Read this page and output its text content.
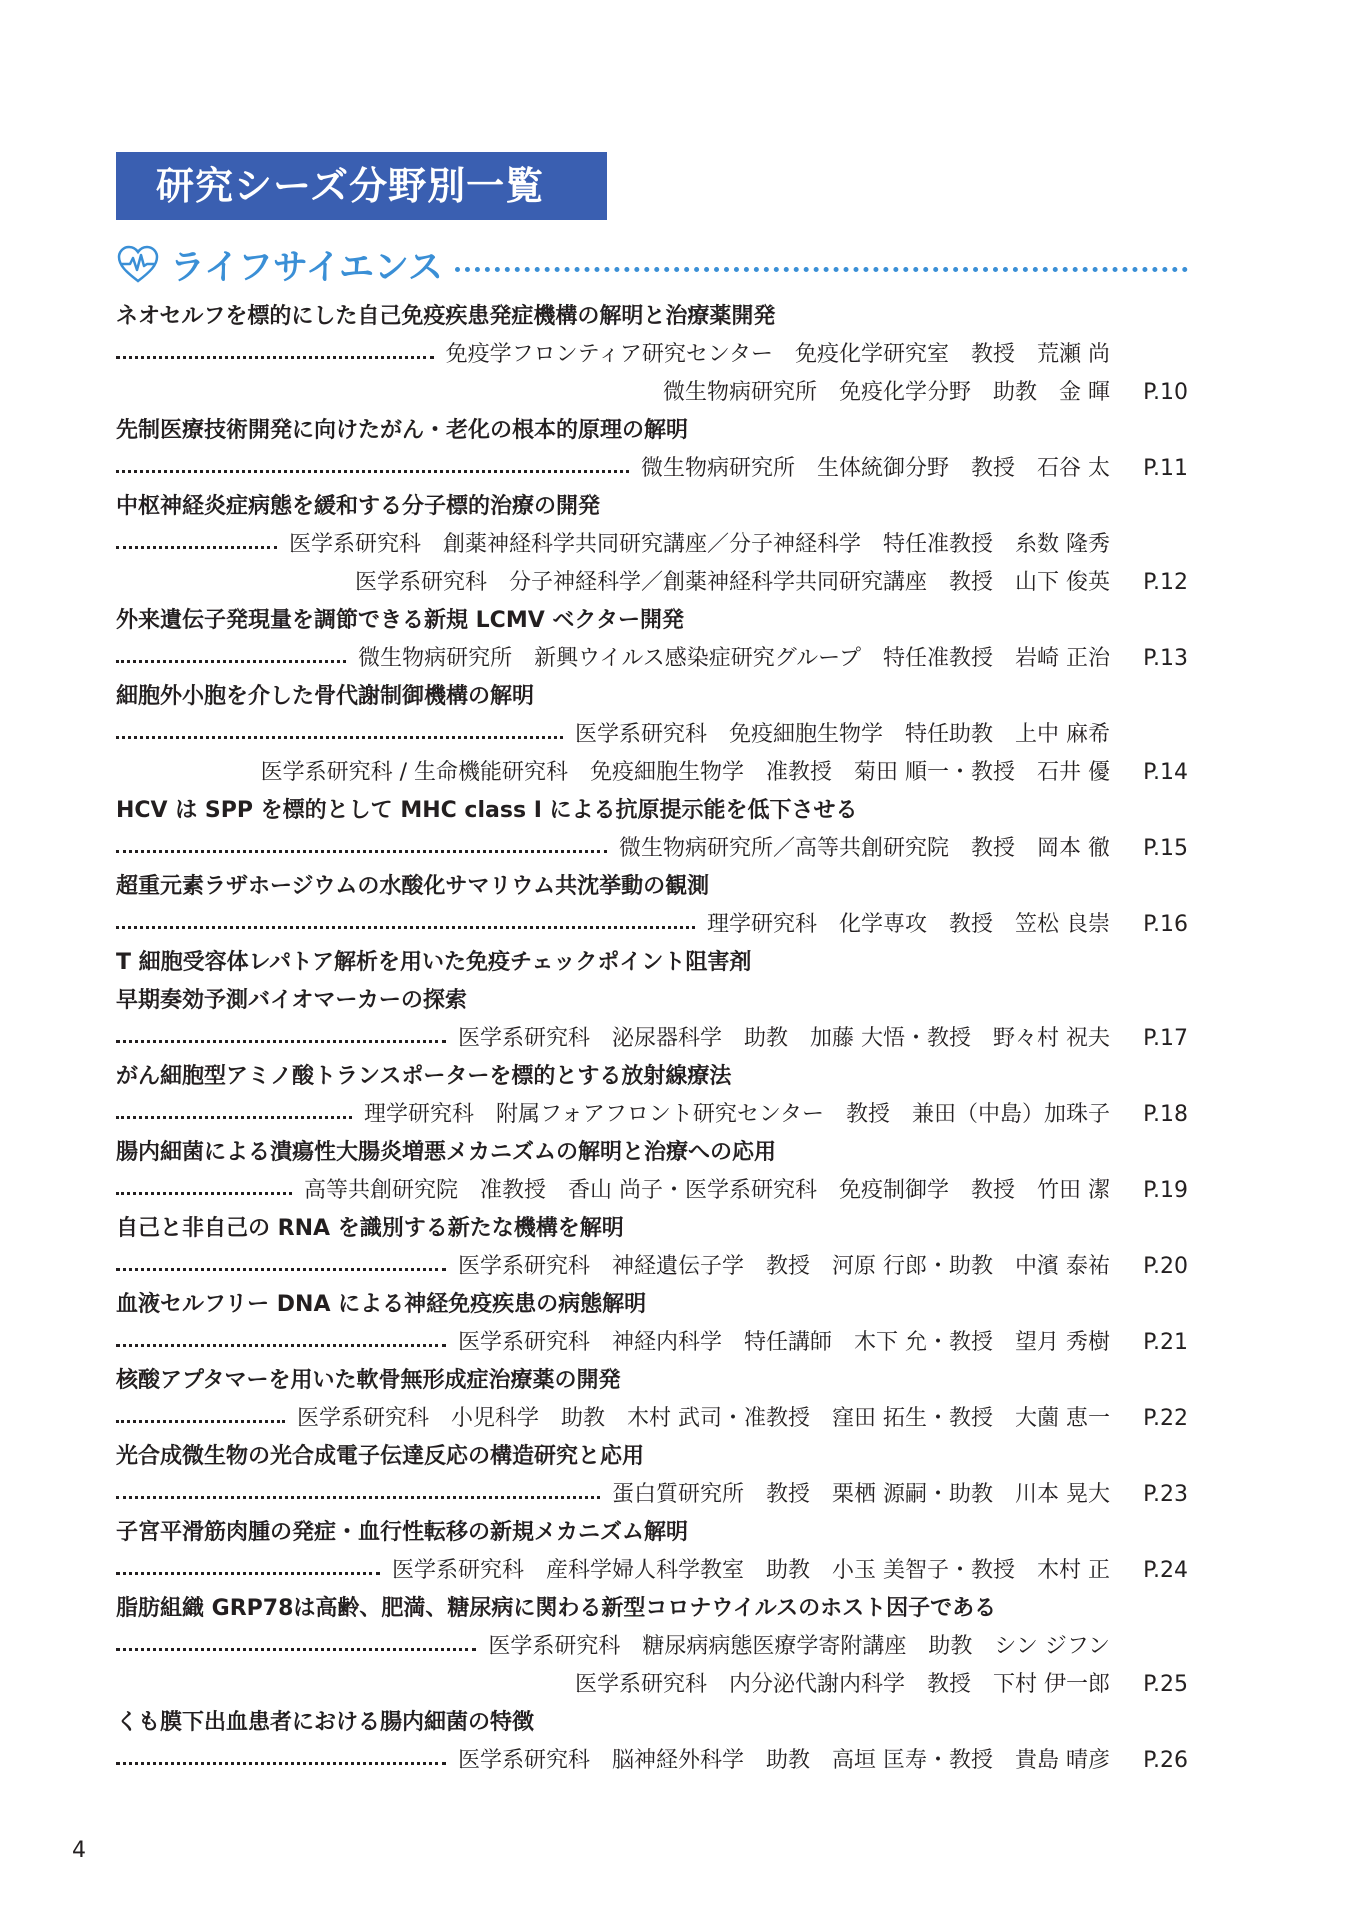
研究シーズ分野別一覧
ライフサイエンス
ネオセルフを標的にした自己免疫疾患発症機構の解明と治療薬開発
免疫学フロンティア研究センター　免疫化学研究室　教授　荒瀬 尚
微生物病研究所　免疫化学分野　助教　金 暉	P.10
先制医療技術開発に向けたがん・老化の根本的原理の解明
微生物病研究所　生体統御分野　教授　石谷 太	P.11
中枢神経炎症病態を緩和する分子標的治療の開発
医学系研究科　創薬神経科学共同研究講座／分子神経科学　特任准教授　糸数 隆秀
医学系研究科　分子神経科学／創薬神経科学共同研究講座　教授　山下 俊英	P.12
外来遺伝子発現量を調節できる新規 LCMV ベクター開発
微生物病研究所　新興ウイルス感染症研究グループ　特任准教授　岩崎 正治	P.13
細胞外小胞を介した骨代謝制御機構の解明
医学系研究科　免疫細胞生物学　特任助教　上中 麻希
医学系研究科 / 生命機能研究科　免疫細胞生物学　准教授　菊田 順一・教授　石井 優	P.14
HCV は SPP を標的として MHC class I による抗原提示能を低下させる
微生物病研究所／高等共創研究院　教授　岡本 徹	P.15
超重元素ラザホージウムの水酸化サマリウム共沈挙動の観測
理学研究科　化学専攻　教授　笠松 良崇	P.16
T 細胞受容体レパトア解析を用いた免疫チェックポイント阻害剤
早期奏効予測バイオマーカーの探索
医学系研究科　泌尿器科学　助教　加藤 大悟・教授　野々村 祝夫	P.17
がん細胞型アミノ酸トランスポーターを標的とする放射線療法
理学研究科　附属フォアフロント研究センター　教授　兼田（中島）加珠子	P.18
腸内細菌による潰瘍性大腸炎増悪メカニズムの解明と治療への応用
高等共創研究院　准教授　香山 尚子・医学系研究科　免疫制御学　教授　竹田 潔	P.19
自己と非自己の RNA を識別する新たな機構を解明
医学系研究科　神経遺伝子学　教授　河原 行郎・助教　中濱 泰祐	P.20
血液セルフリー DNA による神経免疫疾患の病態解明
医学系研究科　神経内科学　特任講師　木下 允・教授　望月 秀樹	P.21
核酸アプタマーを用いた軟骨無形成症治療薬の開発
医学系研究科　小児科学　助教　木村 武司・准教授　窪田 拓生・教授　大薗 恵一	P.22
光合成微生物の光合成電子伝達反応の構造研究と応用
蛋白質研究所　教授　栗栖 源嗣・助教　川本 晃大	P.23
子宮平滑筋肉腫の発症・血行性転移の新規メカニズム解明
医学系研究科　産科学婦人科学教室　助教　小玉 美智子・教授　木村 正	P.24
脂肪組織 GRP78は高齢、肥満、糖尿病に関わる新型コロナウイルスのホスト因子である
医学系研究科　糖尿病病態医療学寄附講座　助教　シン ジフン
医学系研究科　内分泌代謝内科学　教授　下村 伊一郎	P.25
くも膜下出血患者における腸内細菌の特徴
医学系研究科　脳神経外科学　助教　高垣 匡寿・教授　貴島 晴彦	P.26
4
